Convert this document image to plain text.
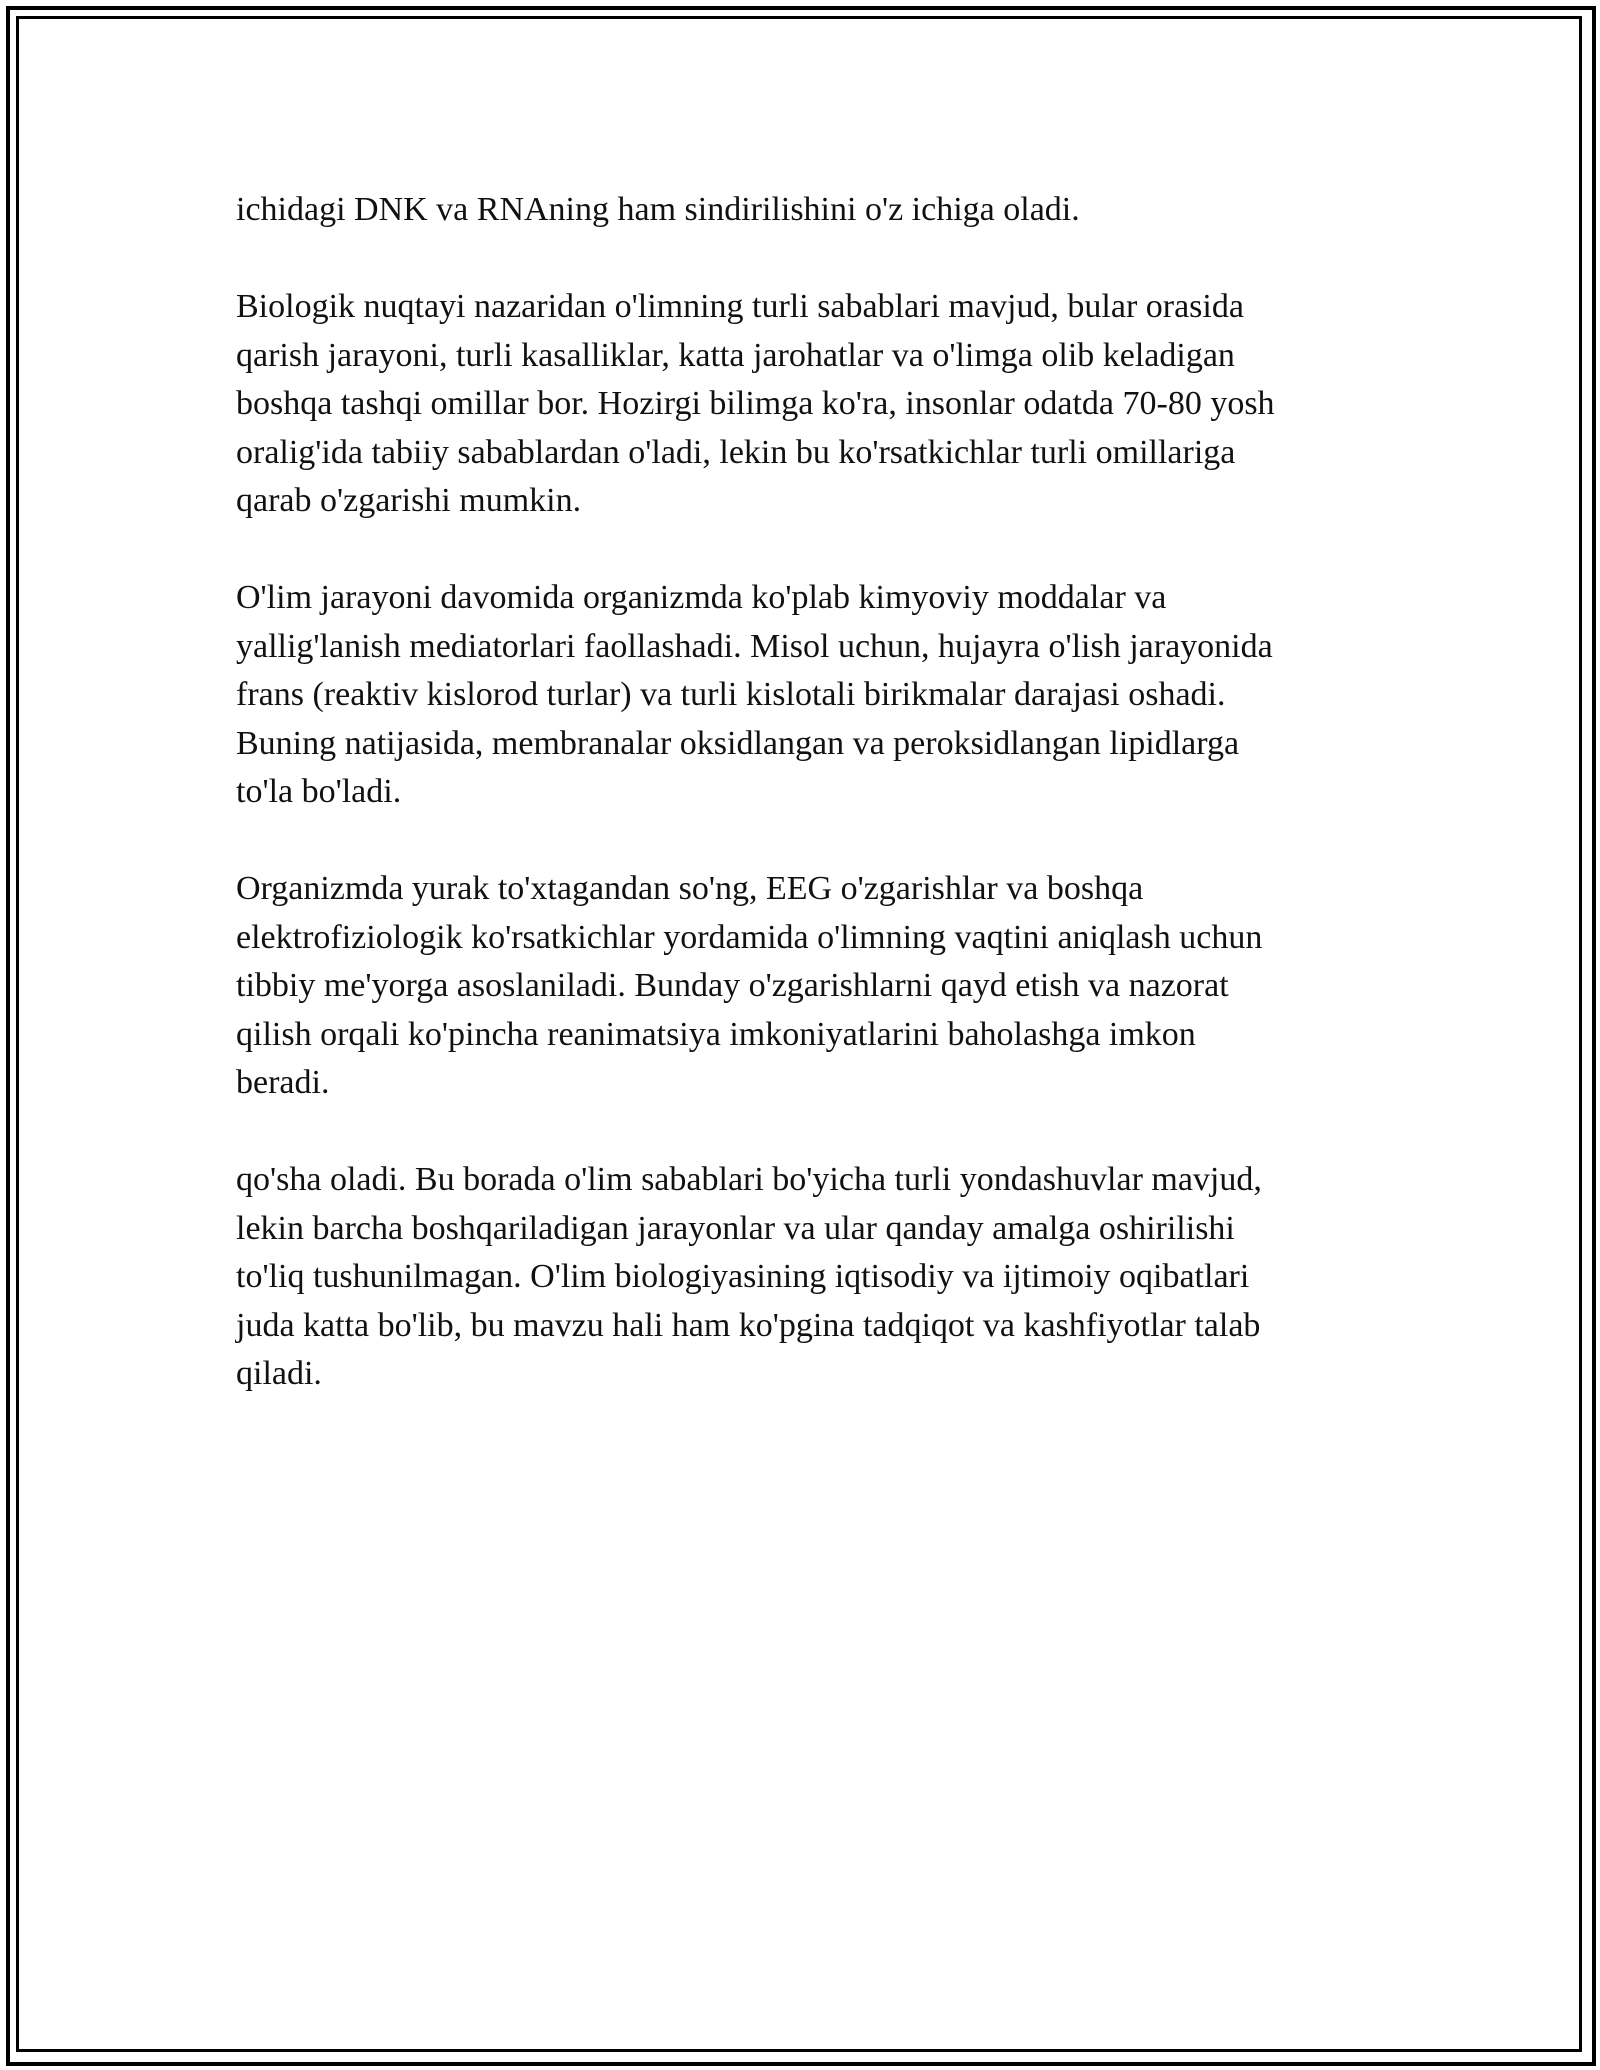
ichidagi DNK va RNAning ham sindirilishini o'z ichiga oladi.

Biologik nuqtayi nazaridan o'limning turli sabablari mavjud, bular orasida
qarish jarayoni, turli kasalliklar, katta jarohatlar va o'limga olib keladigan
boshqa tashqi omillar bor. Hozirgi bilimga ko'ra, insonlar odatda 70-80 yosh
oralig'ida tabiiy sabablardan o'ladi, lekin bu ko'rsatkichlar turli omillariga
qarab o'zgarishi mumkin.

O'lim jarayoni davomida organizmda ko'plab kimyoviy moddalar va
yallig'lanish mediatorlari faollashadi. Misol uchun, hujayra o'lish jarayonida
frans (reaktiv kislorod turlar) va turli kislotali birikmalar darajasi oshadi.
Buning natijasida, membranalar oksidlangan va peroksidlangan lipidlarga
to'la bo'ladi.

Organizmda yurak to'xtagandan so'ng, EEG o'zgarishlar va boshqa
elektrofiziologik ko'rsatkichlar yordamida o'limning vaqtini aniqlash uchun
tibbiy me'yorga asoslaniladi. Bunday o'zgarishlarni qayd etish va nazorat
qilish orqali ko'pincha reanimatsiya imkoniyatlarini baholashga imkon
beradi.

qo'sha oladi. Bu borada o'lim sabablari bo'yicha turli yondashuvlar mavjud,
lekin barcha boshqariladigan jarayonlar va ular qanday amalga oshirilishi
to'liq tushunilmagan. O'lim biologiyasining iqtisodiy va ijtimoiy oqibatlari
juda katta bo'lib, bu mavzu hali ham ko'pgina tadqiqot va kashfiyotlar talab
qiladi.
